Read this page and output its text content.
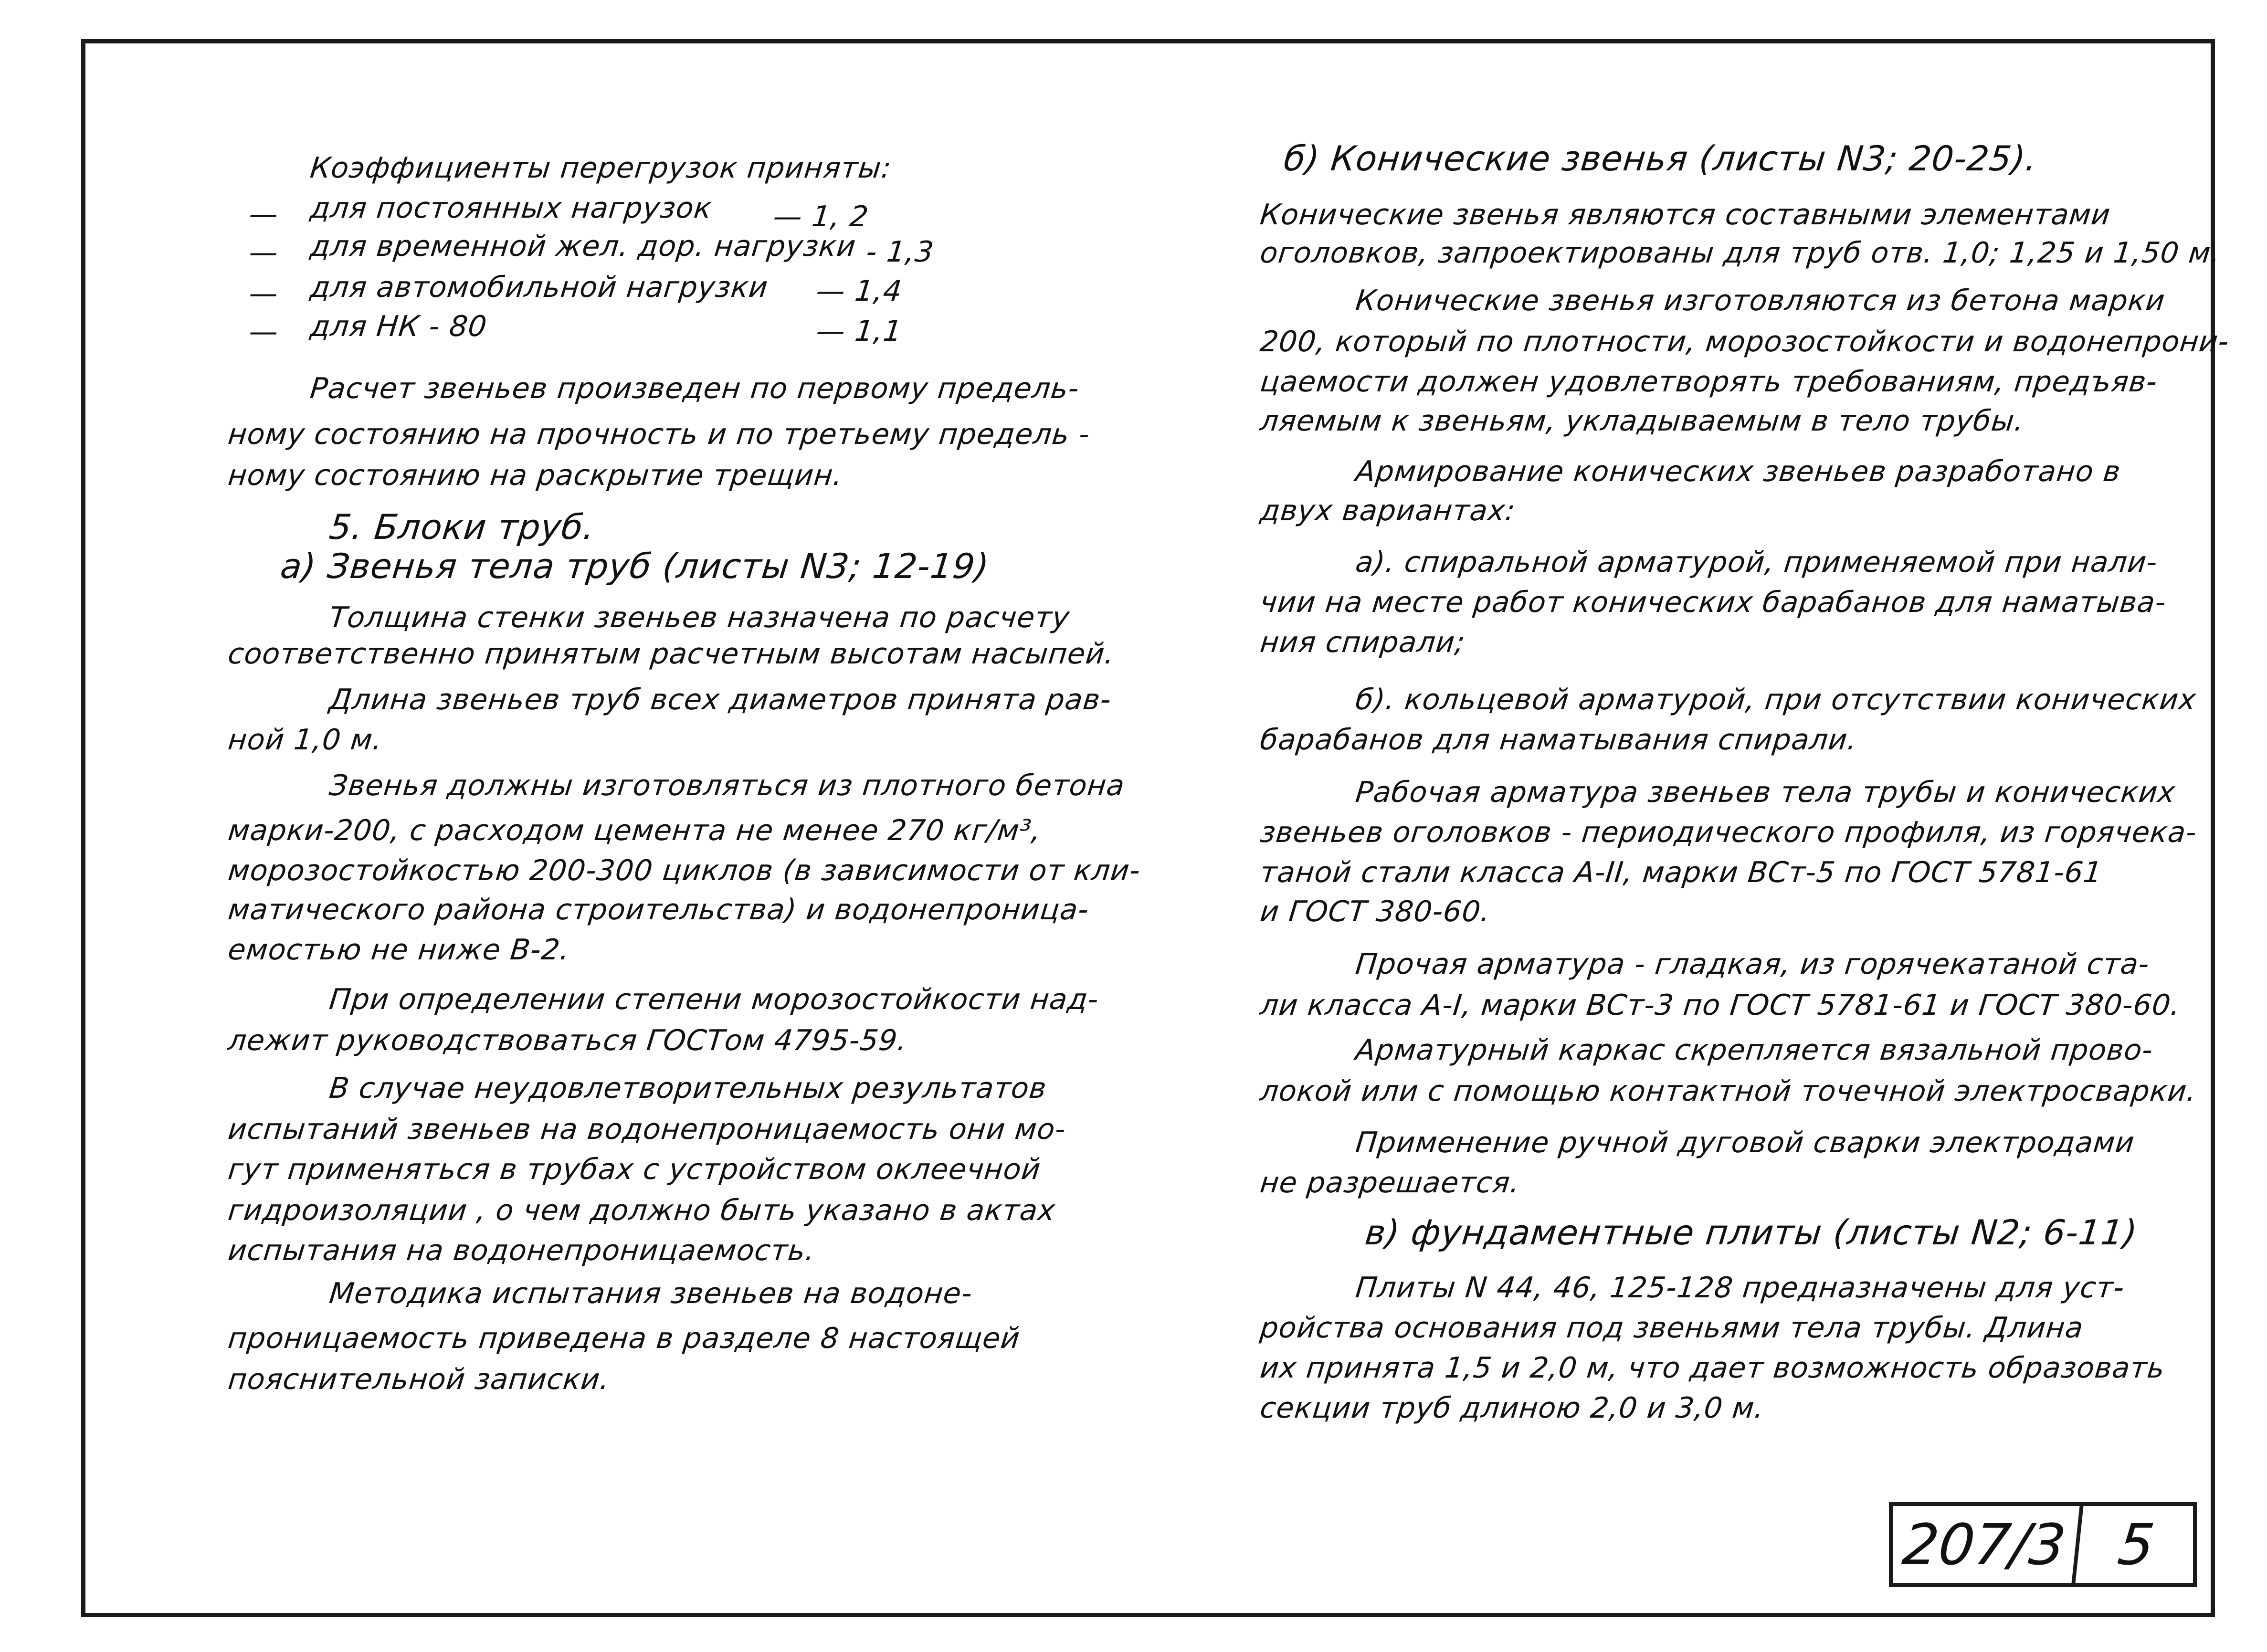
Коэффициенты перегрузок приняты:
— для постоянных нагрузок — 1, 2
— для временной жел. дор. нагрузки - 1,3
— для автомобильной нагрузки — 1,4
— для НК - 80	— 1,1
Расчет звеньев произведен по первому предель-
ному состоянию на прочность и по третьему предель -
ному состоянию на раскрытие трещин.
5. Блоки труб.
а) Звенья тела труб (листы N3; 12-19)
Толщина стенки звеньев назначена по расчету
соответственно принятым расчетным высотам насыпей.
Длина звеньев труб всех диаметров принята рав-
ной 1,0 м.
Звенья должны изготовляться из плотного бетона
марки-200, с расходом цемента не менее 270 кг/м³,
морозостойкостью 200-300 циклов (в зависимости от кли-
матического района строительства) и водонепроница-
емостью не ниже В-2.
При определении степени морозостойкости над-
лежит руководствоваться ГОСТом 4795-59.
В случае неудовлетворительных результатов
испытаний звеньев на водонепроницаемость они мо-
гут применяться в трубах с устройством оклеечной
гидроизоляции , о чем должно быть указано в актах
испытания на водонепроницаемость.
Методика испытания звеньев на водоне-
проницаемость приведена в разделе 8 настоящей
пояснительной записки.
б) Конические звенья (листы N3; 20-25).
Конические звенья являются составными элементами
оголовков, запроектированы для труб отв. 1,0; 1,25 и 1,50 м.
Конические звенья изготовляются из бетона марки
200, который по плотности, морозостойкости и водонепрони-
цаемости должен удовлетворять требованиям, предъяв-
ляемым к звеньям, укладываемым в тело трубы.
Армирование конических звеньев разработано в
двух вариантах:
а). спиральной арматурой, применяемой при нали-
чии на месте работ конических барабанов для наматыва-
ния спирали;
б). кольцевой арматурой, при отсутствии конических
барабанов для наматывания спирали.
Рабочая арматура звеньев тела трубы и конических
звеньев оголовков - периодического профиля, из горячека-
таной стали класса А-II, марки ВСт-5 по ГОСТ 5781-61
и ГОСТ 380-60.
Прочая арматура - гладкая, из горячекатаной ста-
ли класса А-I, марки ВСт-3 по ГОСТ 5781-61 и ГОСТ 380-60.
Арматурный каркас скрепляется вязальной прово-
локой или с помощью контактной точечной электросварки.
Применение ручной дуговой сварки электродами
не разрешается.
в) фундаментные плиты (листы N2; 6-11)
Плиты N 44, 46, 125-128 предназначены для уст-
ройства основания под звеньями тела трубы. Длина
их принята 1,5 и 2,0 м, что дает возможность образовать
секции труб длиною 2,0 и 3,0 м.
207/3 5
